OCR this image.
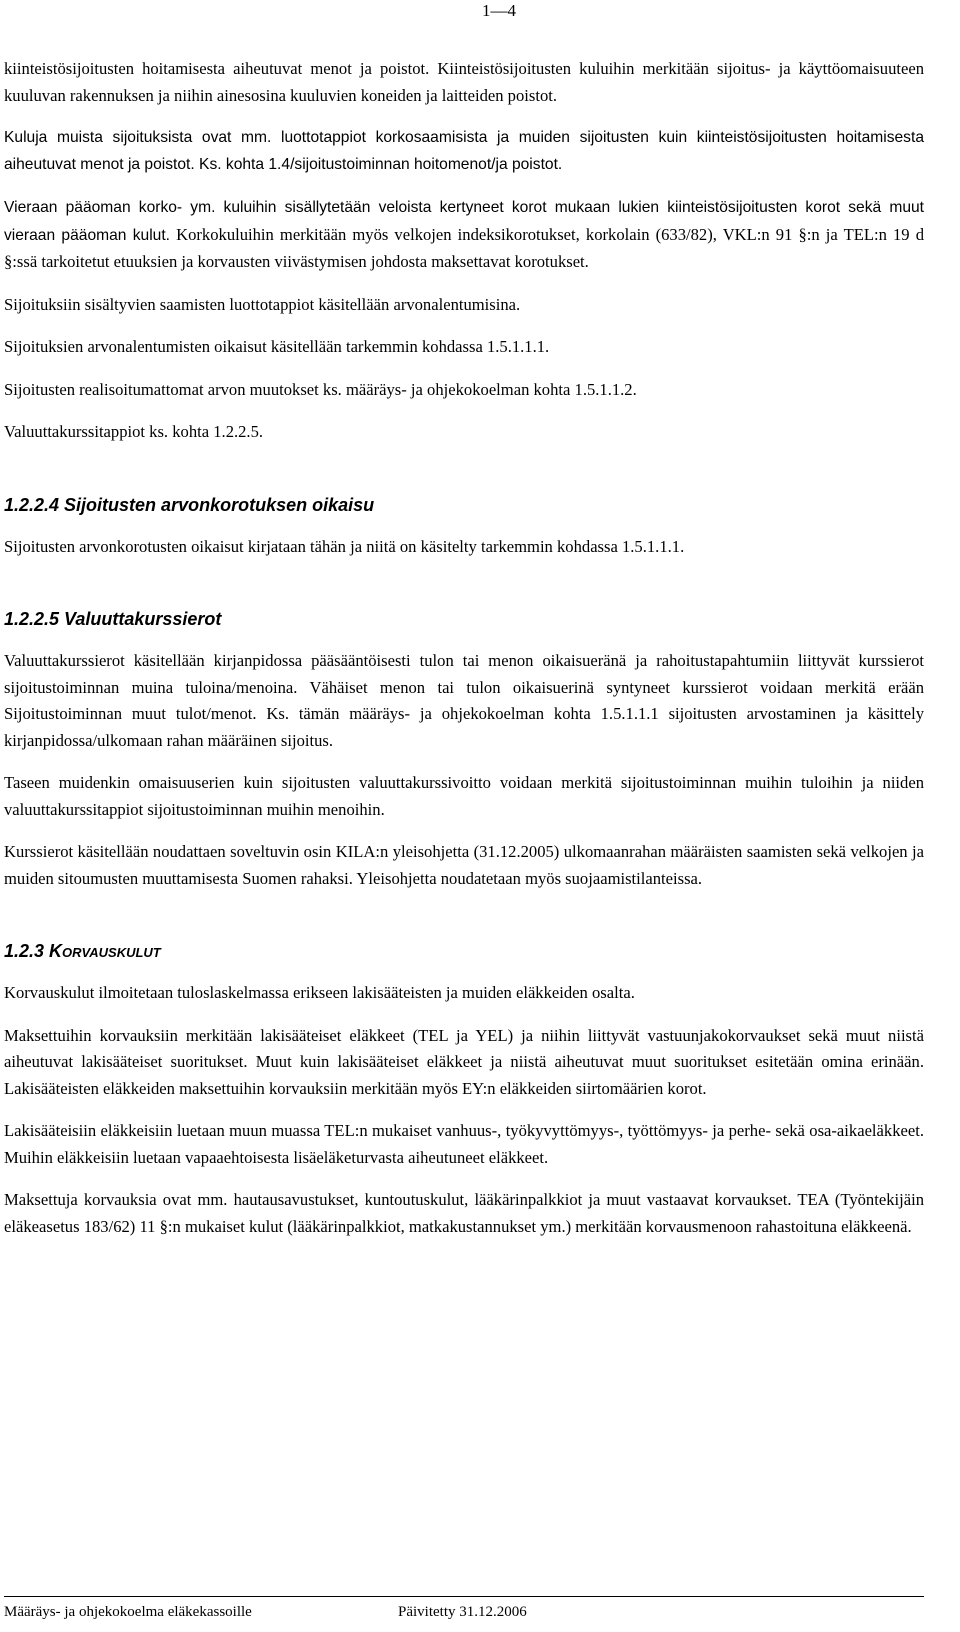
1—4

kiinteistösijoitusten hoitamisesta aiheutuvat menot ja poistot. Kiinteistösijoitusten kuluihin merkitään sijoitus- ja käyttöomaisuuteen kuuluvan rakennuksen ja niihin ainesosina kuuluvien koneiden ja laitteiden poistot.

Kuluja muista sijoituksista ovat mm. luottotappiot korkosaamisista ja muiden sijoitusten kuin kiinteistösijoitusten hoitamisesta aiheutuvat menot ja poistot. Ks. kohta 1.4/sijoitustoiminnan hoitomenot/ja poistot.

Vieraan pääoman korko- ym. kuluihin sisällytetään veloista kertyneet korot mukaan lukien kiinteistösijoitusten korot sekä muut vieraan pääoman kulut. Korkokuluihin merkitään myös velkojen indeksikorotukset, korkolain (633/82), VKL:n 91 §:n ja TEL:n 19 d §:ssä tarkoitetut etuuksien ja korvausten viivästymisen johdosta maksettavat korotukset.

Sijoituksiin sisältyvien saamisten luottotappiot käsitellään arvonalentumisina.

Sijoituksien arvonalentumisten oikaisut käsitellään tarkemmin kohdassa 1.5.1.1.1.

Sijoitusten realisoitumattomat arvon muutokset ks. määräys- ja ohjekokoelman kohta 1.5.1.1.2.

Valuuttakurssitappiot ks. kohta 1.2.2.5.

1.2.2.4 Sijoitusten arvonkorotuksen oikaisu

Sijoitusten arvonkorotusten oikaisut kirjataan tähän ja niitä on käsitelty tarkemmin kohdassa 1.5.1.1.1.

1.2.2.5 Valuuttakurssierot

Valuuttakurssierot käsitellään kirjanpidossa pääsääntöisesti tulon tai menon oikaisueränä ja rahoitustapahtumiin liittyvät kurssierot sijoitustoiminnan muina tuloina/menoina. Vähäiset menon tai tulon oikaisuerinä syntyneet kurssierot voidaan merkitä erään Sijoitustoiminnan muut tulot/menot. Ks. tämän määräys- ja ohjekokoelman kohta 1.5.1.1.1 sijoitusten arvostaminen ja käsittely kirjanpidossa/ulkomaan rahan määräinen sijoitus.

Taseen muidenkin omaisuuserien kuin sijoitusten valuuttakurssivoitto voidaan merkitä sijoitustoiminnan muihin tuloihin ja niiden valuuttakurssitappiot sijoitustoiminnan muihin menoihin.

Kurssierot käsitellään noudattaen soveltuvin osin KILA:n yleisohjetta (31.12.2005) ulkomaanrahan määräisten saamisten sekä velkojen ja muiden sitoumusten muuttamisesta Suomen rahaksi. Yleisohjetta noudatetaan myös suojaamistilanteissa.

1.2.3 Korvauskulut

Korvauskulut ilmoitetaan tuloslaskelmassa erikseen lakisääteisten ja muiden eläkkeiden osalta.

Maksettuihin korvauksiin merkitään lakisääteiset eläkkeet (TEL ja YEL) ja niihin liittyvät vastuunjakokorvaukset sekä muut niistä aiheutuvat lakisääteiset suoritukset. Muut kuin lakisääteiset eläkkeet ja niistä aiheutuvat muut suoritukset esitetään omina erinään. Lakisääteisten eläkkeiden maksettuihin korvauksiin merkitään myös EY:n eläkkeiden siirtomäärien korot.

Lakisääteisiin eläkkeisiin luetaan muun muassa TEL:n mukaiset vanhuus-, työkyvyttömyys-, työttömyys- ja perhe- sekä osa-aikaeläkkeet. Muihin eläkkeisiin luetaan vapaaehtoisesta lisäeläketurvasta aiheutuneet eläkkeet.

Maksettuja korvauksia ovat mm. hautausavustukset, kuntoutuskulut, lääkärinpalkkiot ja muut vastaavat korvaukset. TEA (Työntekijäin eläkeasetus 183/62) 11 §:n mukaiset kulut (lääkärinpalkkiot, matkakustannukset ym.) merkitään korvausmenoon rahastoituna eläkkeenä.

Määräys- ja ohjekokoelma eläkekassoille	Päivitetty 31.12.2006
